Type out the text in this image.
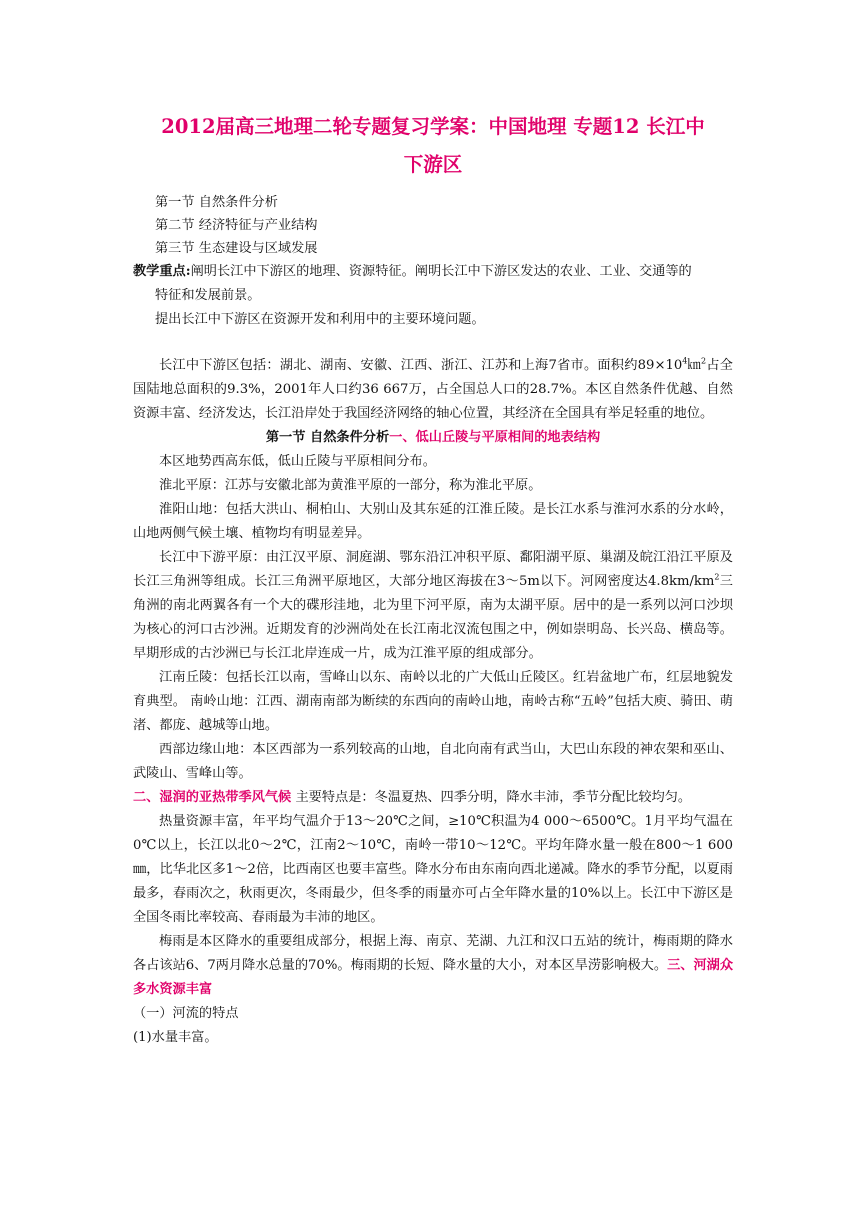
2012届高三地理二轮专题复习学案：中国地理 专题12 长江中
下游区
第一节 自然条件分析
第二节 经济特征与产业结构
第三节 生态建设与区域发展

教学重点:阐明长江中下游区的地理、资源特征。阐明长江中下游区发达的农业、工业、交通等的

特征和发展前景。

提出长江中下游区在资源开发和利用中的主要环境问题。

长江中下游区包括：湖北、湖南、安徽、江西、浙江、江苏和上海7省市。面积约$89\times 10^4㎞^2$占全国陆地总面积的9.3%，2001年人口约36 667万，占全国总人口的28.7%。本区自然条件优越、自然资源丰富、经济发达，长江沿岸处于我国经济网络的轴心位置，其经济在全国具有举足轻重的地位。

第一节 自然条件分析一、低山丘陵与平原相间的地表结构

本区地势西高东低，低山丘陵与平原相间分布。

淮北平原：江苏与安徽北部为黄淮平原的一部分，称为淮北平原。

淮阳山地：包括大洪山、桐柏山、大别山及其东延的江淮丘陵。是长江水系与淮河水系的分水岭，山地两侧气候土壤、植物均有明显差异。

长江中下游平原：由江汉平原、洞庭湖、鄂东沿江冲积平原、鄱阳湖平原、巢湖及皖江沿江平原及长江三角洲等组成。长江三角洲平原地区，大部分地区海拔在3～5m以下。河网密度达$4.8km/km^2$三角洲的南北两翼各有一个大的碟形洼地，北为里下河平原，南为太湖平原。居中的是一系列以河口沙坝为核心的河口古沙洲。近期发育的沙洲尚处在长江南北汊流包围之中，例如崇明岛、长兴岛、横岛等。早期形成的古沙洲已与长江北岸连成一片，成为江淮平原的组成部分。

江南丘陵：包括长江以南，雪峰山以东、南岭以北的广大低山丘陵区。红岩盆地广布，红层地貌发育典型。 南岭山地：江西、湖南南部为断续的东西向的南岭山地，南岭古称“五岭”包括大庾、骑田、萌渚、都庞、越城等山地。

西部边缘山地：本区西部为一系列较高的山地，自北向南有武当山，大巴山东段的神农架和巫山、武陵山、雪峰山等。

二、湿润的亚热带季风气候 主要特点是：冬温夏热、四季分明，降水丰沛，季节分配比较均匀。

热量资源丰富，年平均气温介于13～20℃之间，≥10℃积温为4 000～6500℃。1月平均气温在0℃以上，长江以北0～2℃，江南2～10℃，南岭一带10～12℃。平均年降水量一般在800～1 600 ㎜，比华北区多1～2倍，比西南区也要丰富些。降水分布由东南向西北递减。降水的季节分配，以夏雨最多，春雨次之，秋雨更次，冬雨最少，但冬季的雨量亦可占全年降水量的10%以上。长江中下游区是全国冬雨比率较高、春雨最为丰沛的地区。

梅雨是本区降水的重要组成部分，根据上海、南京、芜湖、九江和汉口五站的统计，梅雨期的降水各占该站6、7两月降水总量的70%。梅雨期的长短、降水量的大小，对本区旱涝影响极大。三、河湖众多水资源丰富

（一）河流的特点

(1)水量丰富。
